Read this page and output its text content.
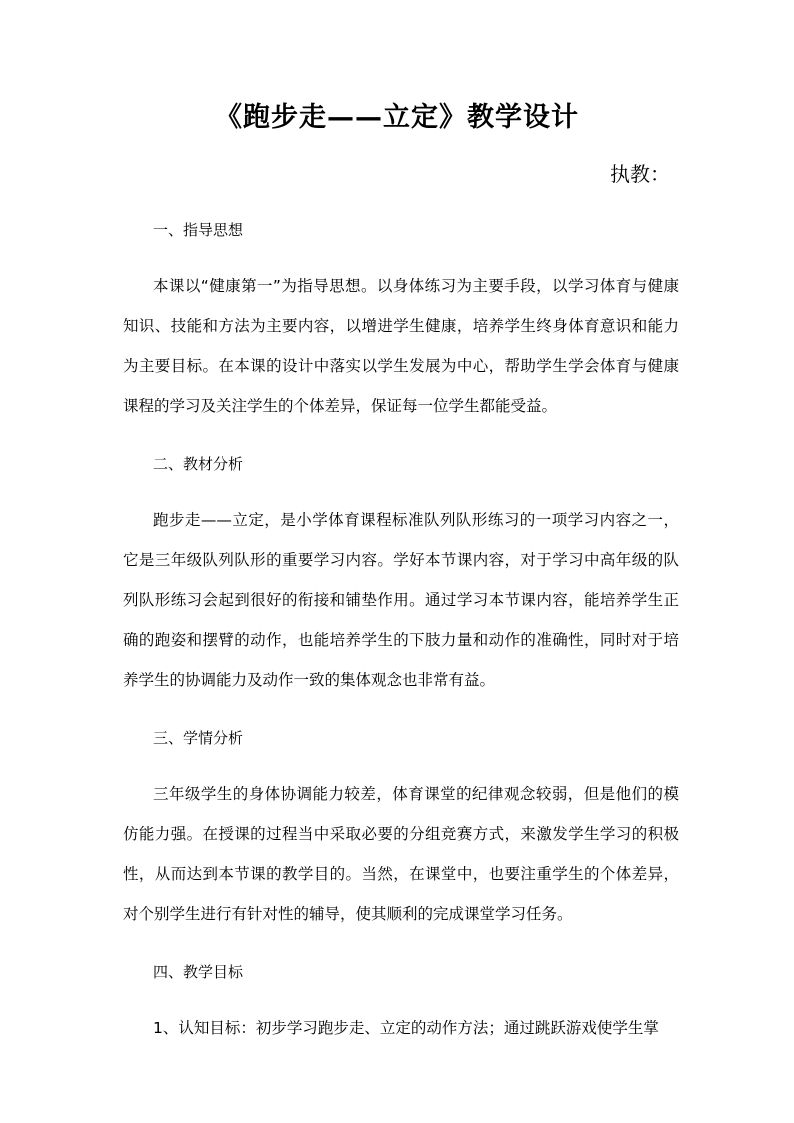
《跑步走——立定》教学设计
执教：
一、指导思想

本课以“健康第一”为指导思想。以身体练习为主要手段，以学习体育与健康知识、技能和方法为主要内容，以增进学生健康，培养学生终身体育意识和能力为主要目标。在本课的设计中落实以学生发展为中心，帮助学生学会体育与健康课程的学习及关注学生的个体差异，保证每一位学生都能受益。

二、教材分析

跑步走——立定，是小学体育课程标准队列队形练习的一项学习内容之一，它是三年级队列队形的重要学习内容。学好本节课内容，对于学习中高年级的队列队形练习会起到很好的衔接和铺垫作用。通过学习本节课内容，能培养学生正确的跑姿和摆臂的动作，也能培养学生的下肢力量和动作的准确性，同时对于培养学生的协调能力及动作一致的集体观念也非常有益。

三、学情分析

三年级学生的身体协调能力较差，体育课堂的纪律观念较弱，但是他们的模仿能力强。在授课的过程当中采取必要的分组竞赛方式，来激发学生学习的积极性，从而达到本节课的教学目的。当然，在课堂中，也要注重学生的个体差异，对个别学生进行有针对性的辅导，使其顺利的完成课堂学习任务。

四、教学目标

1、认知目标：初步学习跑步走、立定的动作方法；通过跳跃游戏使学生掌
